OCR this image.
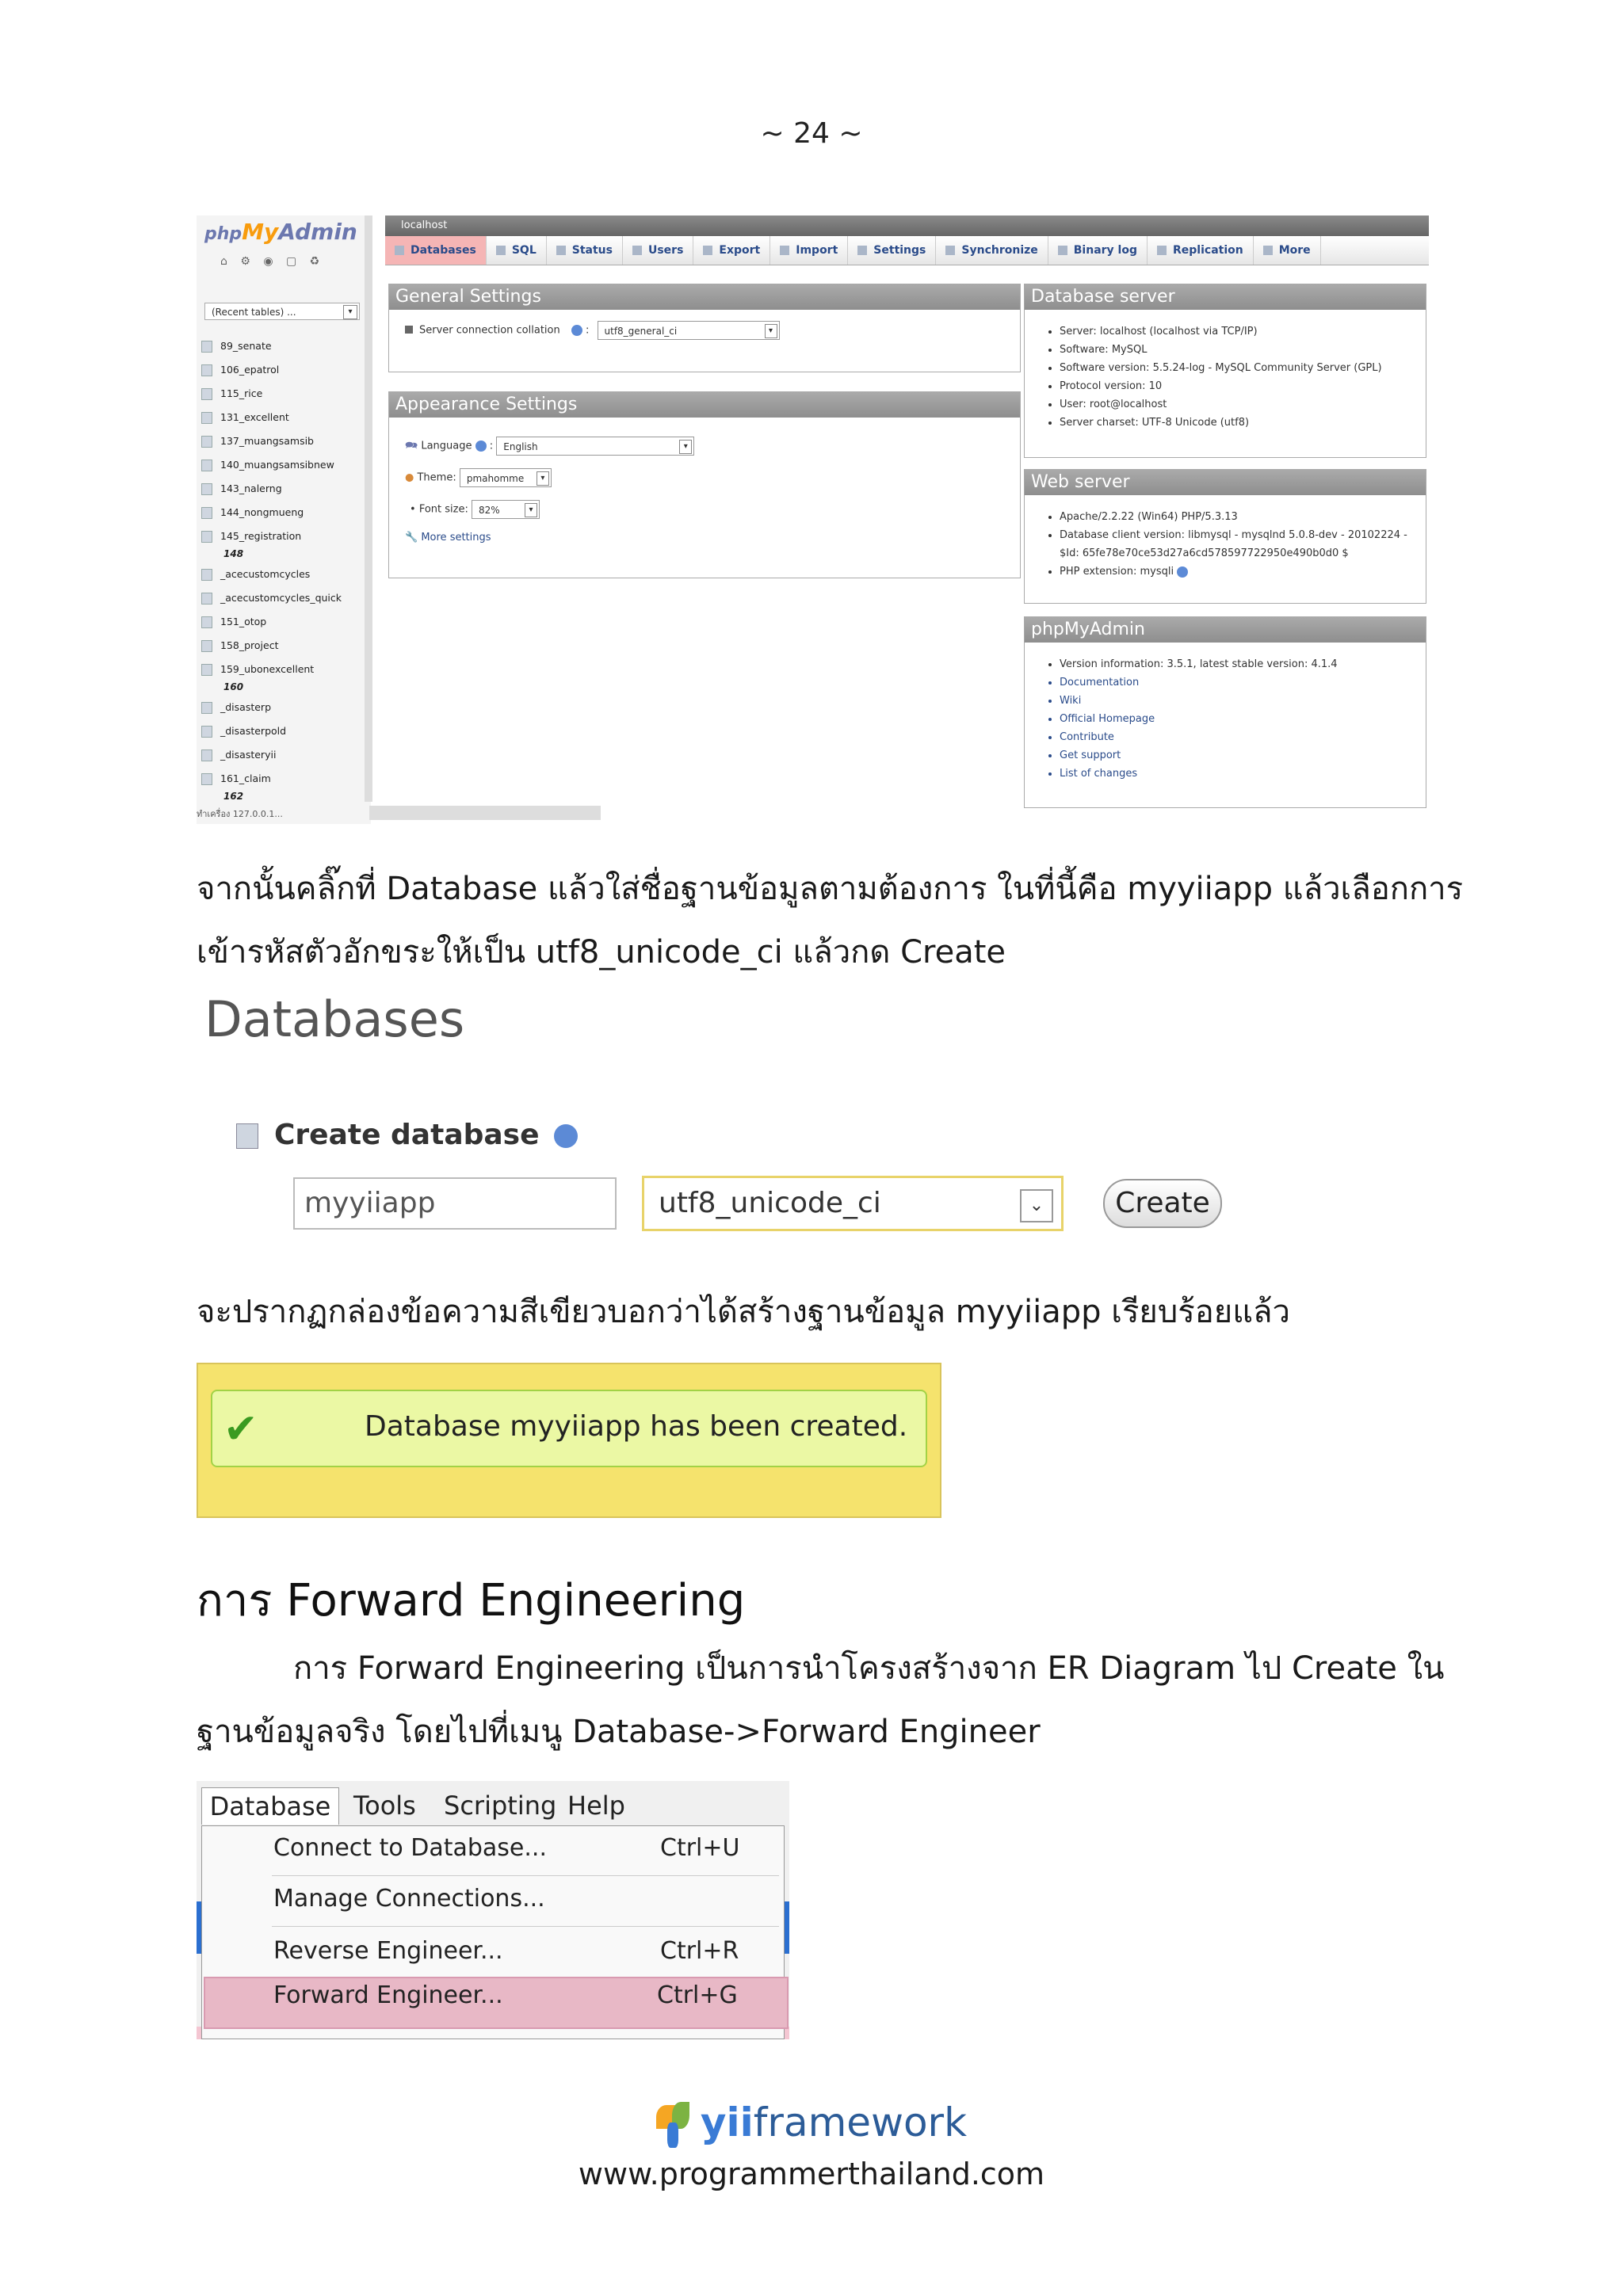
~ 24 ~
phpMyAdmin
⌂ ⚙ ◉ ▢ ♻
(Recent tables) ...	▾
89_senate
106_epatrol
115_rice
131_excellent
137_muangsamsib
140_muangsamsibnew
143_nalerng
144_nongmueng
145_registration
148
_acecustomcycles
_acecustomcycles_quick
151_otop
158_project
159_ubonexcellent
160
_disasterp
_disasterpold
_disasteryii
161_claim
162
ทำเครื่อง 127.0.0.1...
localhost
Databases	SQL	Status	Users	Export	Import	Settings	Synchronize	Binary log	Replication	More
General Settings
Server connection collation  : utf8_general_ci	▾
Appearance Settings
🗪 Language  : English	▾
● Theme: pmahomme	▾
• Font size: 82%	▾
🔧 More settings
Database server
• Server: localhost (localhost via TCP/IP)
• Software: MySQL
• Software version: 5.5.24-log - MySQL Community Server (GPL)
• Protocol version: 10
• User: root@localhost
• Server charset: UTF-8 Unicode (utf8)
Web server
• Apache/2.2.22 (Win64) PHP/5.3.13
• Database client version: libmysql - mysqlnd 5.0.8-dev - 20102224 -
$Id: 65fe78e70ce53d27a6cd578597722950e490b0d0 $
• PHP extension: mysqli
phpMyAdmin
• Version information: 3.5.1, latest stable version: 4.1.4
• Documentation
• Wiki
• Official Homepage
• Contribute
• Get support
• List of changes
จากนั้นคลิ๊กที่ Database แล้วใส่ชื่อฐานข้อมูลตามต้องการ ในที่นี้คือ myyiiapp แล้วเลือกการ
เข้ารหัสตัวอักขระให้เป็น utf8_unicode_ci แล้วกด Create
Databases
Create database
myyiiapp	utf8_unicode_ci	⌄	Create
จะปรากฏกล่องข้อความสีเขียวบอกว่าได้สร้างฐานข้อมูล myyiiapp เรียบร้อยแล้ว
✔	Database myyiiapp has been created.
การ Forward Engineering
การ Forward Engineering เป็นการนำโครงสร้างจาก ER Diagram ไป Create ใน
ฐานข้อมูลจริง โดยไปที่เมนู Database->Forward Engineer
Database Tools Scripting Help
Connect to Database...	Ctrl+U
Manage Connections...
Reverse Engineer...	Ctrl+R
Forward Engineer...	Ctrl+G
yiiframework
www.programmerthailand.com
